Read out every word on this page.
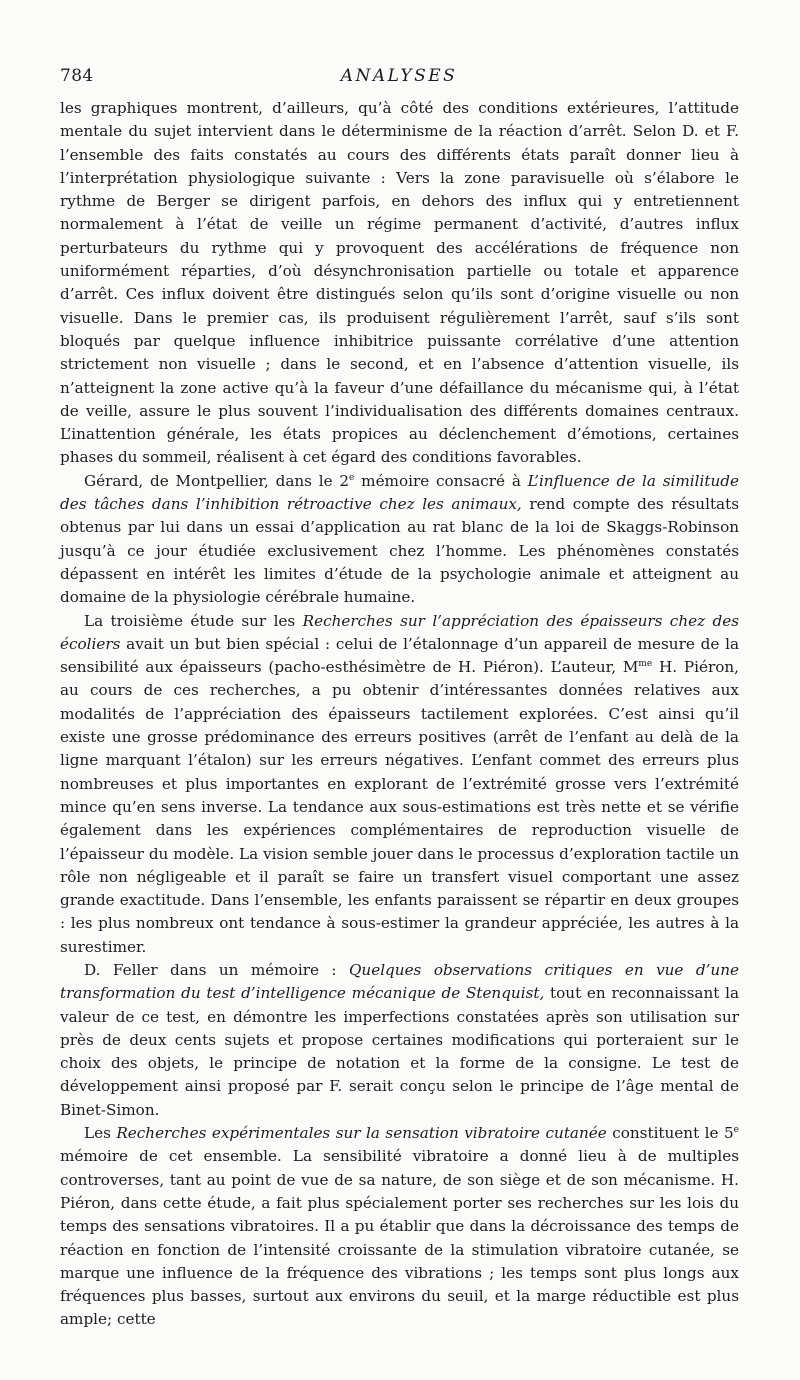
784	ANALYSES

les graphiques montrent, d’ailleurs, qu’à côté des conditions extérieures, l’attitude mentale du sujet intervient dans le déterminisme de la réaction d’arrêt. Selon D. et F. l’ensemble des faits constatés au cours des différents états paraît donner lieu à l’interprétation physiologique suivante : Vers la zone paravisuelle où s’élabore le rythme de Berger se dirigent parfois, en dehors des influx qui y entretiennent normalement à l’état de veille un régime permanent d’activité, d’autres influx perturbateurs du rythme qui y provoquent des accélérations de fréquence non uniformément réparties, d’où désynchronisation partielle ou totale et apparence d’arrêt. Ces influx doivent être distingués selon qu’ils sont d’origine visuelle ou non visuelle. Dans le premier cas, ils produisent régulièrement l’arrêt, sauf s’ils sont bloqués par quelque influence inhibitrice puissante corrélative d’une attention strictement non visuelle ; dans le second, et en l’absence d’attention visuelle, ils n’atteignent la zone active qu’à la faveur d’une défaillance du mécanisme qui, à l’état de veille, assure le plus souvent l’individualisation des différents domaines centraux. L’inattention générale, les états propices au déclenchement d’émotions, certaines phases du sommeil, réalisent à cet égard des conditions favorables.

Gérard, de Montpellier, dans le 2e mémoire consacré à L’influence de la similitude des tâches dans l’inhibition rétroactive chez les animaux, rend compte des résultats obtenus par lui dans un essai d’application au rat blanc de la loi de Skaggs-Robinson jusqu’à ce jour étudiée exclusivement chez l’homme. Les phénomènes constatés dépassent en intérêt les limites d’étude de la psychologie animale et atteignent au domaine de la physiologie cérébrale humaine.

La troisième étude sur les Recherches sur l’appréciation des épaisseurs chez des écoliers avait un but bien spécial : celui de l’étalonnage d’un appareil de mesure de la sensibilité aux épaisseurs (pacho-esthésimètre de H. Piéron). L’auteur, $M^{me}$ H. Piéron, au cours de ces recherches, a pu obtenir d’intéressantes données relatives aux modalités de l’appréciation des épaisseurs tactilement explorées. C’est ainsi qu’il existe une grosse prédominance des erreurs positives (arrêt de l’enfant au delà de la ligne marquant l’étalon) sur les erreurs négatives. L’enfant commet des erreurs plus nombreuses et plus importantes en explorant de l’extrémité grosse vers l’extrémité mince qu’en sens inverse. La tendance aux sous-estimations est très nette et se vérifie également dans les expériences complémentaires de reproduction visuelle de l’épaisseur du modèle. La vision semble jouer dans le processus d’exploration tactile un rôle non négligeable et il paraît se faire un transfert visuel comportant une assez grande exactitude. Dans l’ensemble, les enfants paraissent se répartir en deux groupes : les plus nombreux ont tendance à sous-estimer la grandeur appréciée, les autres à la surestimer.

D. Feller dans un mémoire : Quelques observations critiques en vue d’une transformation du test d’intelligence mécanique de Stenquist, tout en reconnaissant la valeur de ce test, en démontre les imperfections constatées après son utilisation sur près de deux cents sujets et propose certaines modifications qui porteraient sur le choix des objets, le principe de notation et la forme de la consigne. Le test de développement ainsi proposé par F. serait conçu selon le principe de l’âge mental de Binet-Simon.

Les Recherches expérimentales sur la sensation vibratoire cutanée constituent le 5e mémoire de cet ensemble. La sensibilité vibratoire a donné lieu à de multiples controverses, tant au point de vue de sa nature, de son siège et de son mécanisme. H. Piéron, dans cette étude, a fait plus spécialement porter ses recherches sur les lois du temps des sensations vibratoires. Il a pu établir que dans la décroissance des temps de réaction en fonction de l’intensité croissante de la stimulation vibratoire cutanée, se marque une influence de la fréquence des vibrations ; les temps sont plus longs aux fréquences plus basses, surtout aux environs du seuil, et la marge réductible est plus ample; cette
